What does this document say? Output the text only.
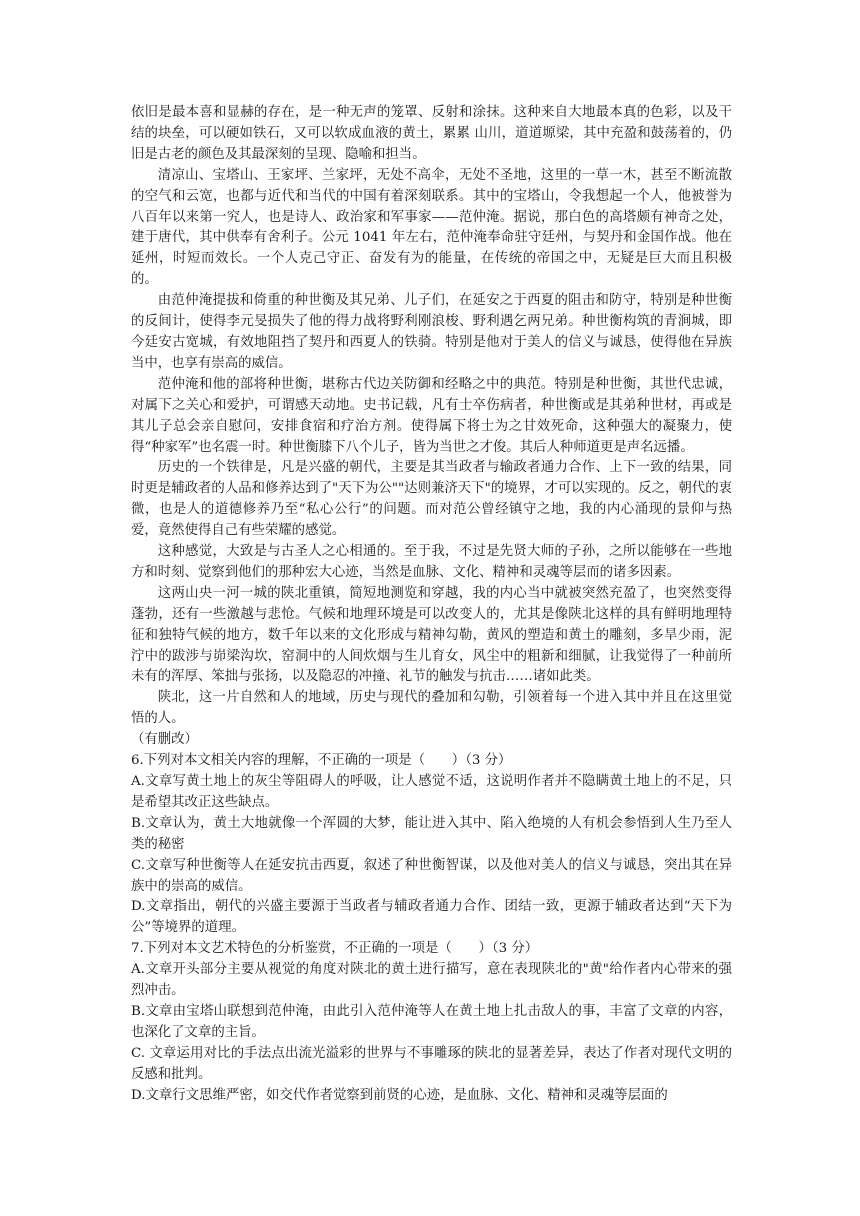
依旧是最本喜和显赫的存在，是一种无声的笼罩、反射和涂抹。这种来自大地最本真的色彩，以及干结的块垒，可以硬如铁石，又可以软成血液的黄土，累累 山川，道道塬梁，其中充盈和鼓荡着的，仍旧是古老的颜色及其最深刻的呈现、隐喻和担当。

清凉山、宝塔山、王家坪、兰家坪，无处不高伞，无处不圣地，这里的一草一木，甚至不断流散的空气和云宽，也都与近代和当代的中国有着深刻联系。其中的宝塔山，令我想起一个人，他被誉为八百年以来第一究人，也是诗人、政治家和军事家——范仲淹。据说，那白色的高塔颇有神奇之处，建于唐代，其中供奉有舍利子。公元 1041 年左右，范仲淹奉命驻守廷州，与契丹和金国作战。他在延州，时短而效长。一个人克己守正、奋发有为的能量，在传统的帝国之中，无疑是巨大而且积极的。

由范仲淹提拔和倚重的种世衡及其兄弟、儿子们，在延安之于西夏的阻击和防守，特别是种世衡的反间计，使得李元旻损失了他的得力战将野利刚浪梭、野利遇乞两兄弟。种世衡构筑的青涧城，即今廷安古宽城，有效地阻挡了契丹和西夏人的铁骑。特别是他对于美人的信义与诚恳，使得他在异族当中，也享有崇高的威信。

范仲淹和他的部将种世衡，堪称古代边关防御和经略之中的典范。特别是种世衡，其世代忠诚，对属下之关心和爱护，可谓感天动地。史书记载，凡有士卒伤病者，种世衡或是其弟种世材，再或是其儿子总会亲自慰问，安排食宿和疗治方剂。使得属下将士为之甘效死命，这种强大的凝聚力，使得“种家军”也名震一时。种世衡膝下八个儿子，皆为当世之才俊。其后人种师道更是声名远播。

历史的一个铁律是，凡是兴盛的朝代，主要是其当政者与输政者通力合作、上下一致的结果，同时更是辅政者的人品和修养达到了"天下为公""达则兼济天下"的境界，才可以实现的。反之，朝代的衷微，也是人的道德修养乃至“私心公行”的问题。而对范公曾经镇守之地，我的内心涌现的景仰与热爱，竟然使得自己有些荣耀的感觉。

这种感觉，大致是与古圣人之心相通的。至于我，不过是先贤大师的子孙，之所以能够在一些地方和时刻、觉察到他们的那种宏大心迹，当然是血脉、文化、精神和灵魂等层而的诸多因素。

这两山央一河一城的陕北重镇，简短地测览和穿越，我的内心当中就被突然充盈了，也突然变得蓬勃，还有一些激越与悲怆。气候和地理环境是可以改变人的，尤其是像陕北这样的具有鲜明地理特征和独特气候的地方，数千年以来的文化形成与精神勾勒，黄风的塑造和黄土的雕刻，多旱少雨，泥泞中的跋涉与峁梁沟坎，窑洞中的人间炊烟与生儿育女，风尘中的粗新和细腻，让我觉得了一种前所未有的浑厚、笨拙与张扬，以及隐忍的冲撞、礼节的触发与抗击……诸如此类。

陕北，这一片自然和人的地域，历史与现代的叠加和勾勒，引领着每一个进入其中并且在这里觉悟的人。

（有删改）

6.下列对本文相关内容的理解，不正确的一项是（　　）（3 分）

A.文章写黄土地上的灰尘等阻碍人的呼吸，让人感觉不适，这说明作者并不隐瞒黄土地上的不足，只是希望其改正这些缺点。

B.文章认为，黄土大地就像一个浑圆的大梦，能让进入其中、陷入绝境的人有机会参悟到人生乃至人类的秘密

C.文章写种世衡等人在延安抗击西夏，叙述了种世衡智谋，以及他对美人的信义与诚恳，突出其在异族中的崇高的威信。

D.文章指出，朝代的兴盛主要源于当政者与辅政者通力合作、团结一致，更源于辅政者达到“天下为公”等境界的道理。

7.下列对本文艺术特色的分析鉴赏，不正确的一项是（　　）（3 分）

A.文章开头部分主要从视觉的角度对陕北的黄土进行描写，意在表现陕北的"黄"给作者内心带来的强烈冲击。

B.文章由宝塔山联想到范仲淹，由此引入范仲淹等人在黄土地上扎击敌人的事，丰富了文章的内容，也深化了文章的主旨。

C. 文章运用对比的手法点出流光溢彩的世界与不事雕琢的陕北的显著差异，表达了作者对现代文明的反感和批判。

D.文章行文思维严密，如交代作者觉察到前贤的心迹，是血脉、文化、精神和灵魂等层面的
